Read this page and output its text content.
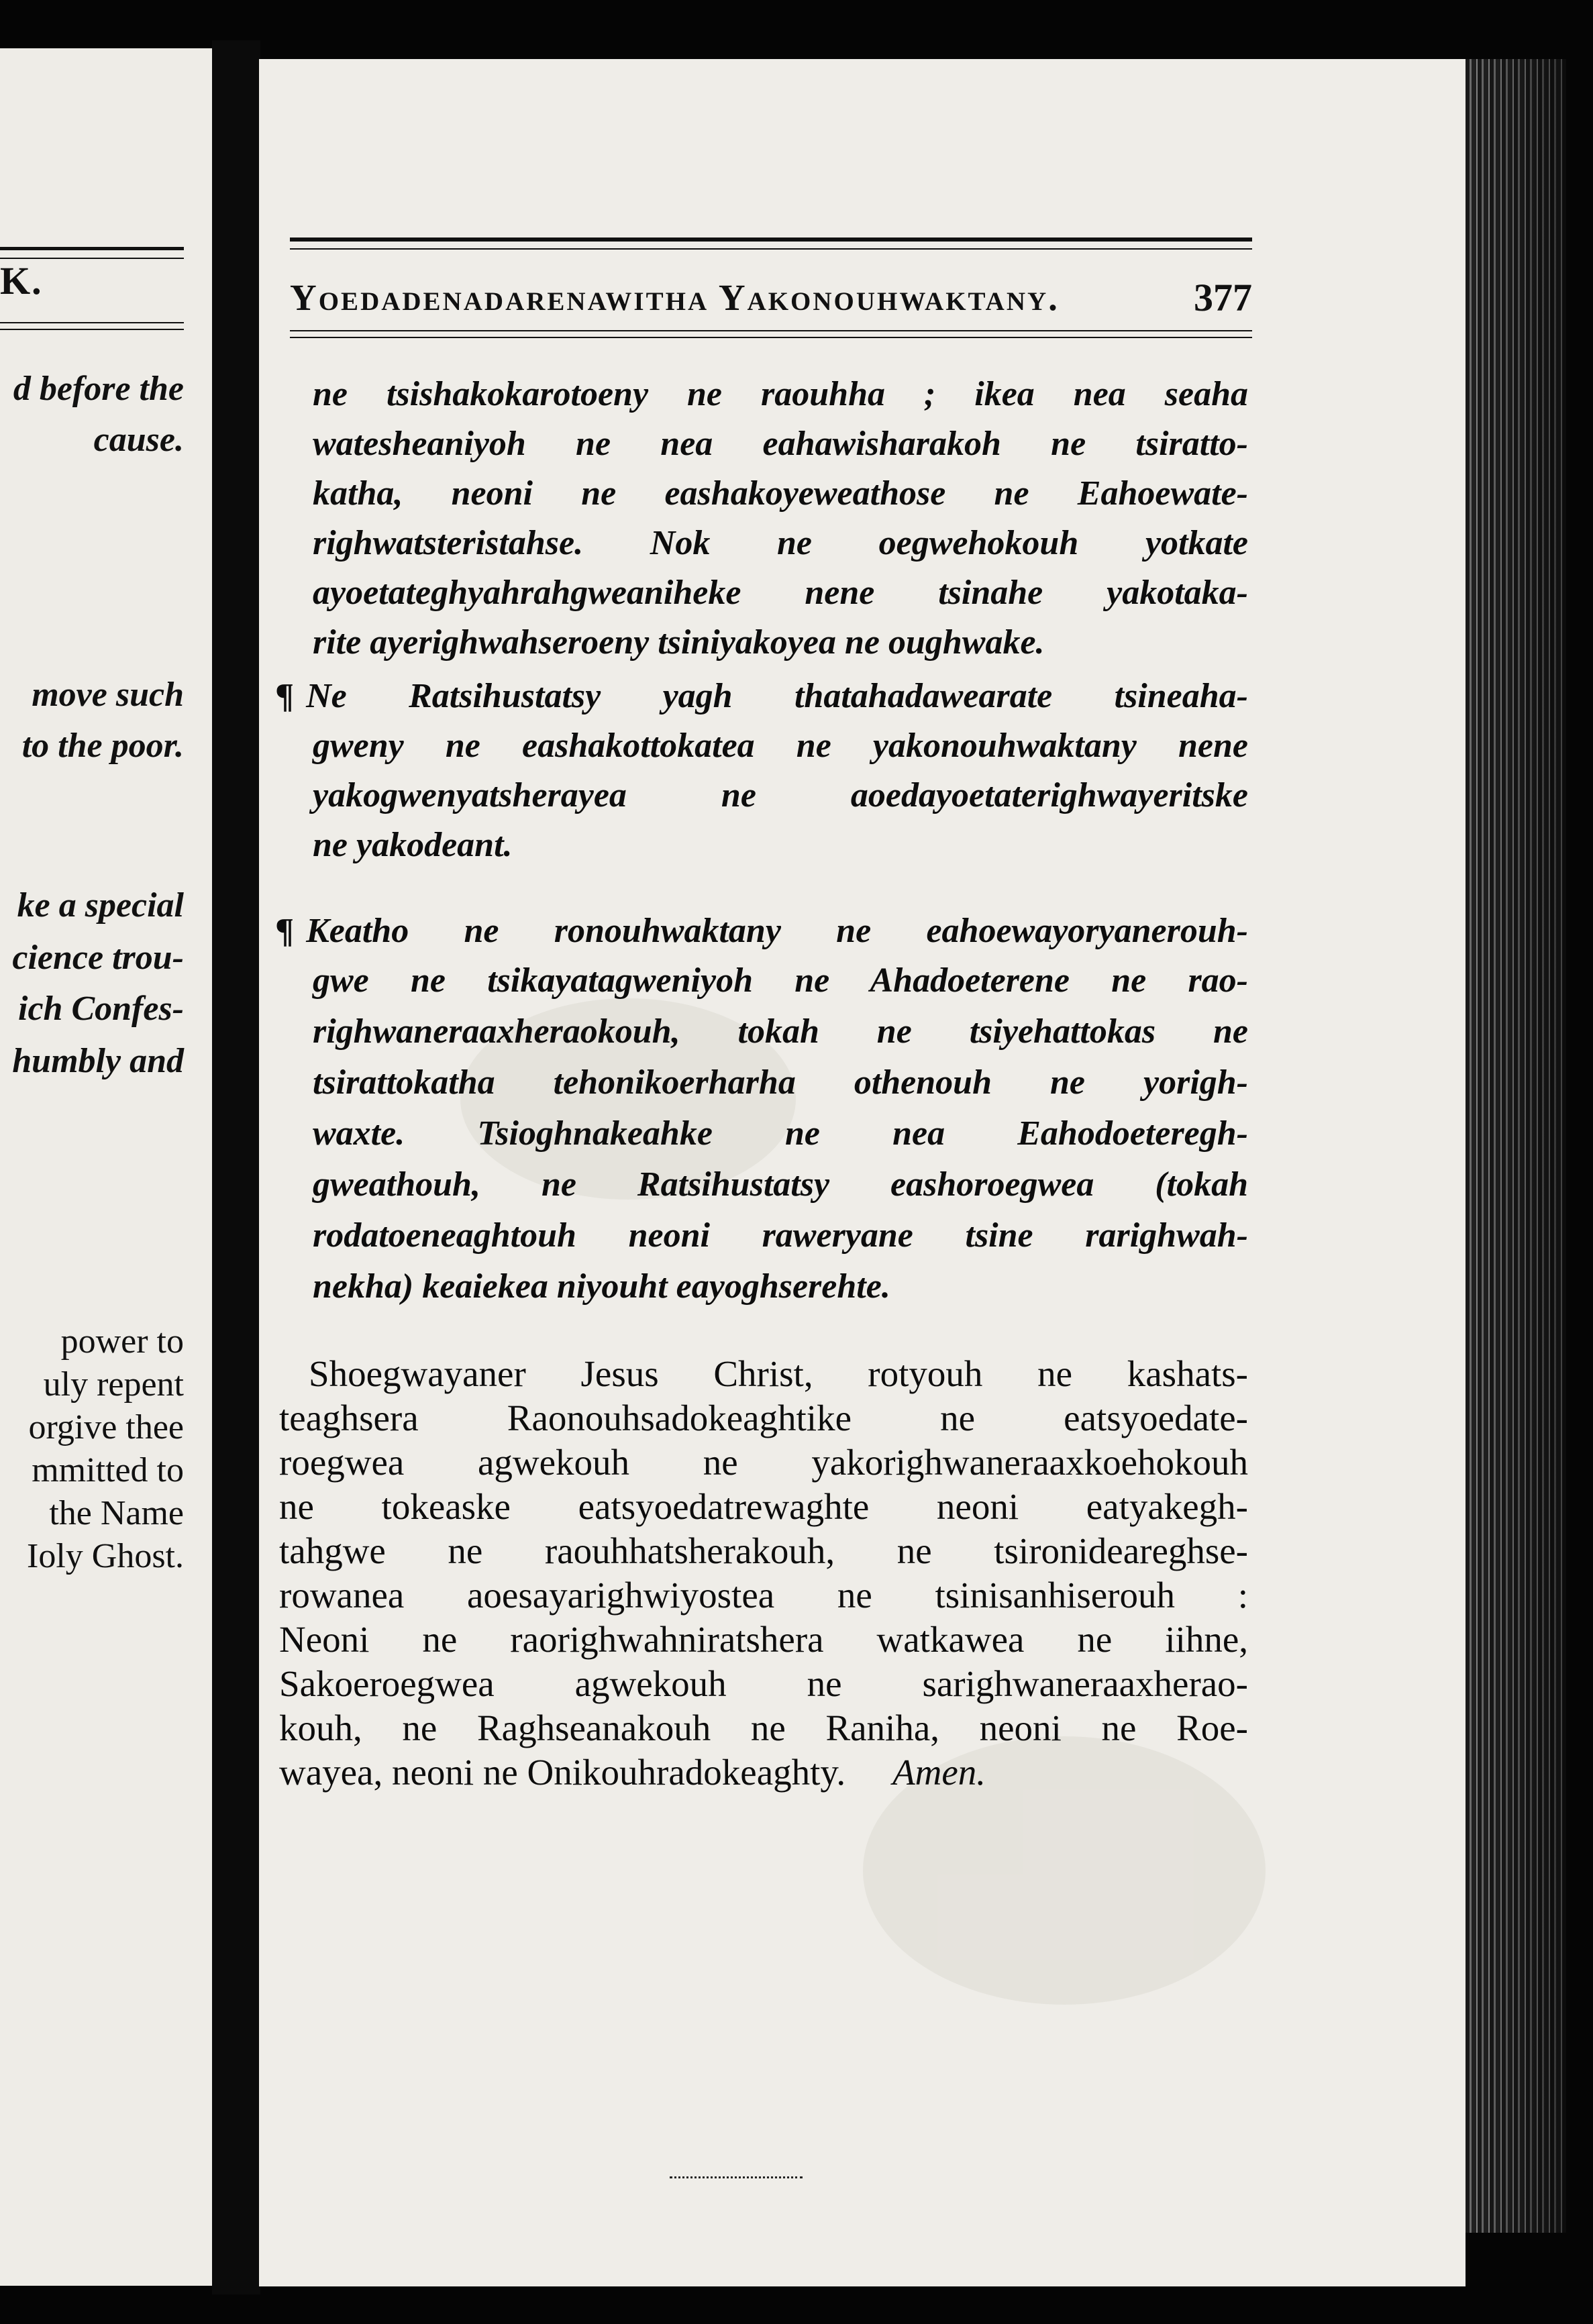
K.
d before the
cause.
move such
to the poor.
ke a special
cience trou-
ich Confes-
humbly and
power to
uly repent
orgive thee
mmitted to
the Name
Ioly Ghost.
Yoedadenadarenawitha Yakonouhwaktany.	377
ne tsishakokarotoeny ne raouhha ; ikea nea seaha
watesheaniyoh ne nea eahawisharakoh ne tsiratto-
katha, neoni ne eashakoyeweathose ne Eahoewate-
righwatsteristahse. Nok ne oegwehokouh yotkate
ayoetateghyahrahgweaniheke nene tsinahe yakotaka-
rite ayerighwahseroeny tsiniyakoyea ne oughwake.
¶ Ne Ratsihustatsy yagh thatahadawearate tsineaha-
gweny ne eashakottokatea ne yakonouhwaktany nene
yakogwenyatsherayea ne aoedayoetaterighwayeritske
ne yakodeant.
¶ Keatho ne ronouhwaktany ne eahoewayoryanerouh-
gwe ne tsikayatagweniyoh ne Ahadoeterene ne rao-
righwaneraaxheraokouh, tokah ne tsiyehattokas ne
tsirattokatha tehonikoerharha othenouh ne yorigh-
waxte. Tsioghnakeahke ne nea Eahodoeteregh-
gweathouh, ne Ratsihustatsy eashoroegwea (tokah
rodatoeneaghtouh neoni raweryane tsine rarighwah-
nekha) keaiekea niyouht eayoghserehte.
Shoegwayaner Jesus Christ, rotyouh ne kashats-
teaghsera Raonouhsadokeaghtike ne eatsyoedate-
roegwea agwekouh ne yakorighwaneraaxkoehokouh
ne tokeaske eatsyoedatrewaghte neoni eatyakegh-
tahgwe ne raouhhatsherakouh, ne tsironideareghse-
rowanea aoesayarighwiyostea ne tsinisanhiserouh :
Neoni ne raorighwahniratshera watkawea ne iihne,
Sakoeroegwea agwekouh ne sarighwaneraaxherao-
kouh, ne Raghseanakouh ne Raniha, neoni ne Roe-
wayea, neoni ne Onikouhradokeaghty. Amen.
